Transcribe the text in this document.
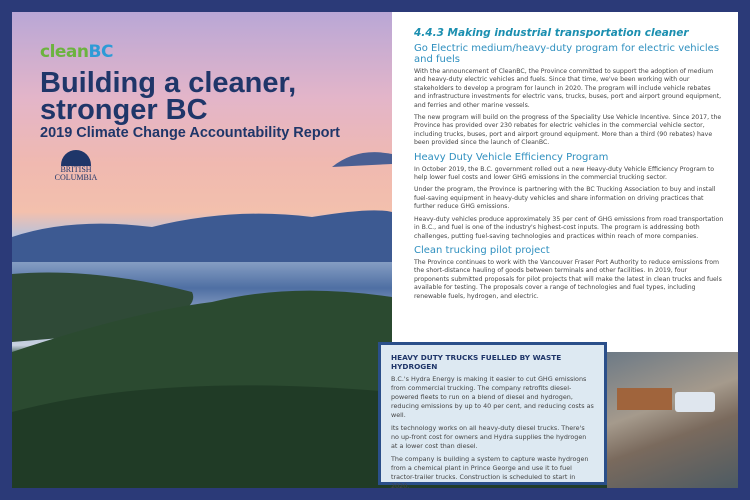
cleanBC
Building a cleaner,
stronger BC
2019 Climate Change Accountability Report
BRITISH
COLUMBIA
4.4.3 Making industrial transportation cleaner
Go Electric medium/heavy-duty program for electric vehicles and fuels

With the announcement of CleanBC, the Province committed to support the adoption of medium and heavy-duty electric vehicles and fuels. Since that time, we've been working with our stakeholders to develop a program for launch in 2020. The program will include vehicle rebates and infrastructure investments for electric vans, trucks, buses, port and airport ground equipment, and ferries and other marine vessels.

The new program will build on the progress of the Speciality Use Vehicle Incentive. Since 2017, the Province has provided over 230 rebates for electric vehicles in the commercial vehicle sector, including trucks, buses, port and airport ground equipment. More than a third (90 rebates) have been provided since the launch of CleanBC.

Heavy Duty Vehicle Efficiency Program

In October 2019, the B.C. government rolled out a new Heavy-duty Vehicle Efficiency Program to help lower fuel costs and lower GHG emissions in the commercial trucking sector.

Under the program, the Province is partnering with the BC Trucking Association to buy and install fuel-saving equipment in heavy-duty vehicles and share information on driving practices that further reduce GHG emissions.

Heavy-duty vehicles produce approximately 35 per cent of GHG emissions from road transportation in B.C., and fuel is one of the industry's highest-cost inputs. The program is addressing both challenges, putting fuel-saving technologies and practices within reach of more companies.

Clean trucking pilot project

The Province continues to work with the Vancouver Fraser Port Authority to reduce emissions from the short-distance hauling of goods between terminals and other facilities. In 2019, four proponents submitted proposals for pilot projects that will make the latest in clean trucks and fuels available for testing. The proposals cover a range of technologies and fuel types, including renewable fuels, hydrogen, and electric.

HEAVY DUTY TRUCKS FUELLED BY WASTE HYDROGEN

B.C.'s Hydra Energy is making it easier to cut GHG emissions from commercial trucking. The company retrofits diesel-powered fleets to run on a blend of diesel and hydrogen, reducing emissions by up to 40 per cent, and reducing costs as well.

Its technology works on all heavy-duty diesel trucks. There's no up-front cost for owners and Hydra supplies the hydrogen at a lower cost than diesel.

The company is building a system to capture waste hydrogen from a chemical plant in Prince George and use it to fuel tractor-trailer trucks. Construction is scheduled to start in 2020.
